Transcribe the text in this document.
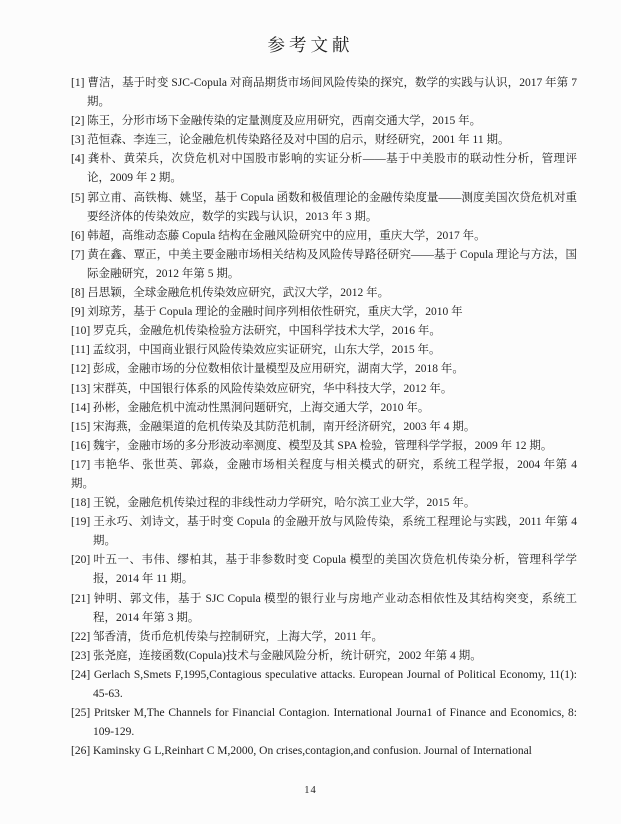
参考文献
[1] 曹洁，基于时变 SJC-Copula 对商品期货市场间风险传染的探究，数学的实践与认识，2017 年第 7 期。
[2] 陈王，分形市场下金融传染的定量测度及应用研究，西南交通大学，2015 年。
[3] 范恒森、李连三，论金融危机传染路径及对中国的启示，财经研究，2001 年 11 期。
[4] 龚朴、黄荣兵，次贷危机对中国股市影响的实证分析——基于中美股市的联动性分析，管理评论，2009 年 2 期。
[5] 郭立甫、高铁梅、姚坚，基于 Copula 函数和极值理论的金融传染度量——测度美国次贷危机对重要经济体的传染效应，数学的实践与认识，2013 年 3 期。
[6] 韩超，高维动态藤 Copula 结构在金融风险研究中的应用，重庆大学，2017 年。
[7] 黄在鑫、覃正，中美主要金融市场相关结构及风险传导路径研究——基于 Copula 理论与方法，国际金融研究，2012 年第 5 期。
[8] 吕思颖，全球金融危机传染效应研究，武汉大学，2012 年。
[9] 刘琼芳，基于 Copula 理论的金融时间序列相依性研究，重庆大学，2010 年
[10] 罗克兵，金融危机传染检验方法研究，中国科学技术大学，2016 年。
[11] 孟纹羽，中国商业银行风险传染效应实证研究，山东大学，2015 年。
[12] 彭成，金融市场的分位数相依计量模型及应用研究，湖南大学，2018 年。
[13] 宋群英，中国银行体系的风险传染效应研究，华中科技大学，2012 年。
[14] 孙彬，金融危机中流动性黑洞问题研究，上海交通大学，2010 年。
[15] 宋海燕，金融渠道的危机传染及其防范机制，南开经济研究，2003 年 4 期。
[16] 魏宇，金融市场的多分形波动率测度、模型及其 SPA 检验，管理科学学报，2009 年 12 期。
[17] 韦艳华、张世英、郭焱，金融市场相关程度与相关模式的研究，系统工程学报，2004 年第 4 期。
[18] 王锐，金融危机传染过程的非线性动力学研究，哈尔滨工业大学，2015 年。
[19] 王永巧、刘诗文，基于时变 Copula 的金融开放与风险传染，系统工程理论与实践，2011 年第 4 期。
[20] 叶五一、韦伟、缪柏其，基于非参数时变 Copula 模型的美国次贷危机传染分析，管理科学学报，2014 年 11 期。
[21] 钟明、郭文伟，基于 SJC Copula 模型的银行业与房地产业动态相依性及其结构突变，系统工程，2014 年第 3 期。
[22] 邹香清，货币危机传染与控制研究，上海大学，2011 年。
[23] 张尧庭，连接函数(Copula)技术与金融风险分析，统计研究，2002 年第 4 期。
[24] Gerlach S,Smets F,1995,Contagious speculative attacks. European Journal of Political Economy, 11(1): 45-63.
[25] Pritsker M,The Channels for Financial Contagion. International Journa1 of Finance and Economics, 8: 109-129.
[26] Kaminsky G L,Reinhart C M,2000, On crises,contagion,and confusion. Journal of International
14
